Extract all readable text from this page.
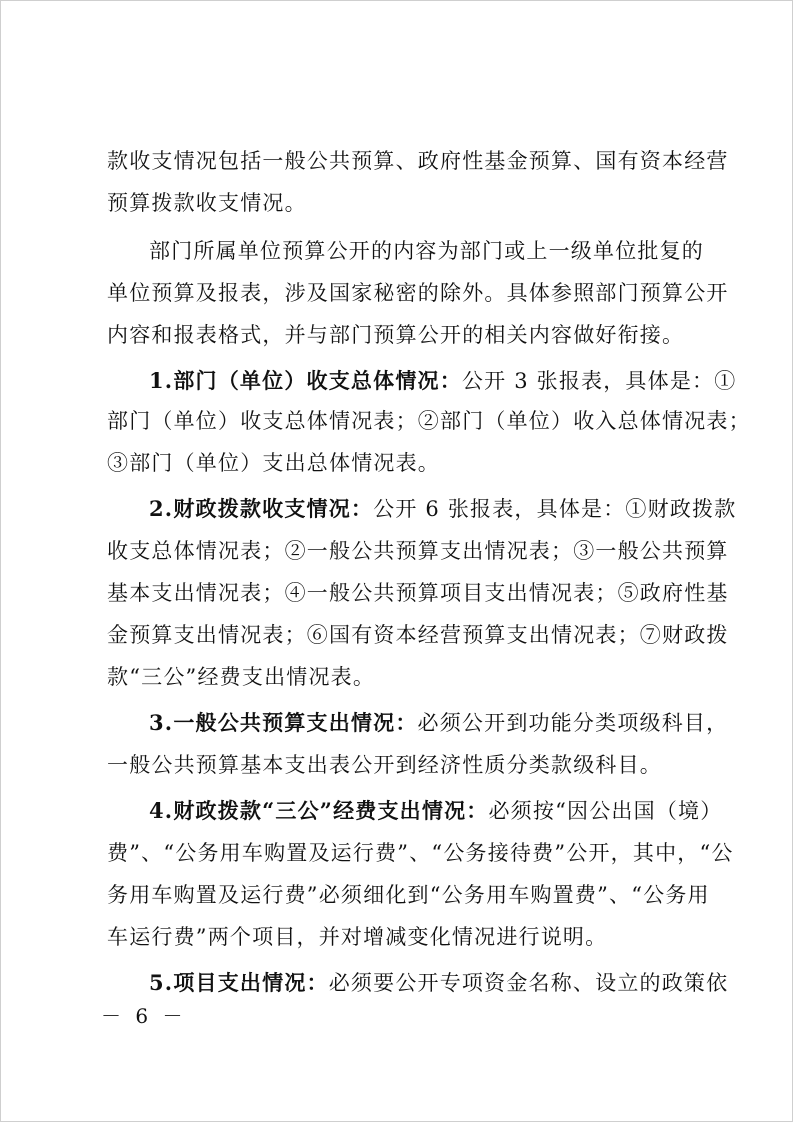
款收支情况包括一般公共预算、政府性基金预算、国有资本经营
预算拨款收支情况。
部门所属单位预算公开的内容为部门或上一级单位批复的
单位预算及报表，涉及国家秘密的除外。具体参照部门预算公开
内容和报表格式，并与部门预算公开的相关内容做好衔接。
1.部门（单位）收支总体情况：公开 3 张报表，具体是：①
部门（单位）收支总体情况表；②部门（单位）收入总体情况表；
③部门（单位）支出总体情况表。
2.财政拨款收支情况：公开 6 张报表，具体是：①财政拨款
收支总体情况表；②一般公共预算支出情况表；③一般公共预算
基本支出情况表；④一般公共预算项目支出情况表；⑤政府性基
金预算支出情况表；⑥国有资本经营预算支出情况表；⑦财政拨
款“三公”经费支出情况表。
3.一般公共预算支出情况：必须公开到功能分类项级科目，
一般公共预算基本支出表公开到经济性质分类款级科目。
4.财政拨款“三公”经费支出情况：必须按“因公出国（境）
费”、“公务用车购置及运行费”、“公务接待费”公开，其中，“公
务用车购置及运行费”必须细化到“公务用车购置费”、“公务用
车运行费”两个项目，并对增减变化情况进行说明。
5.项目支出情况：必须要公开专项资金名称、设立的政策依
－ 6 －
